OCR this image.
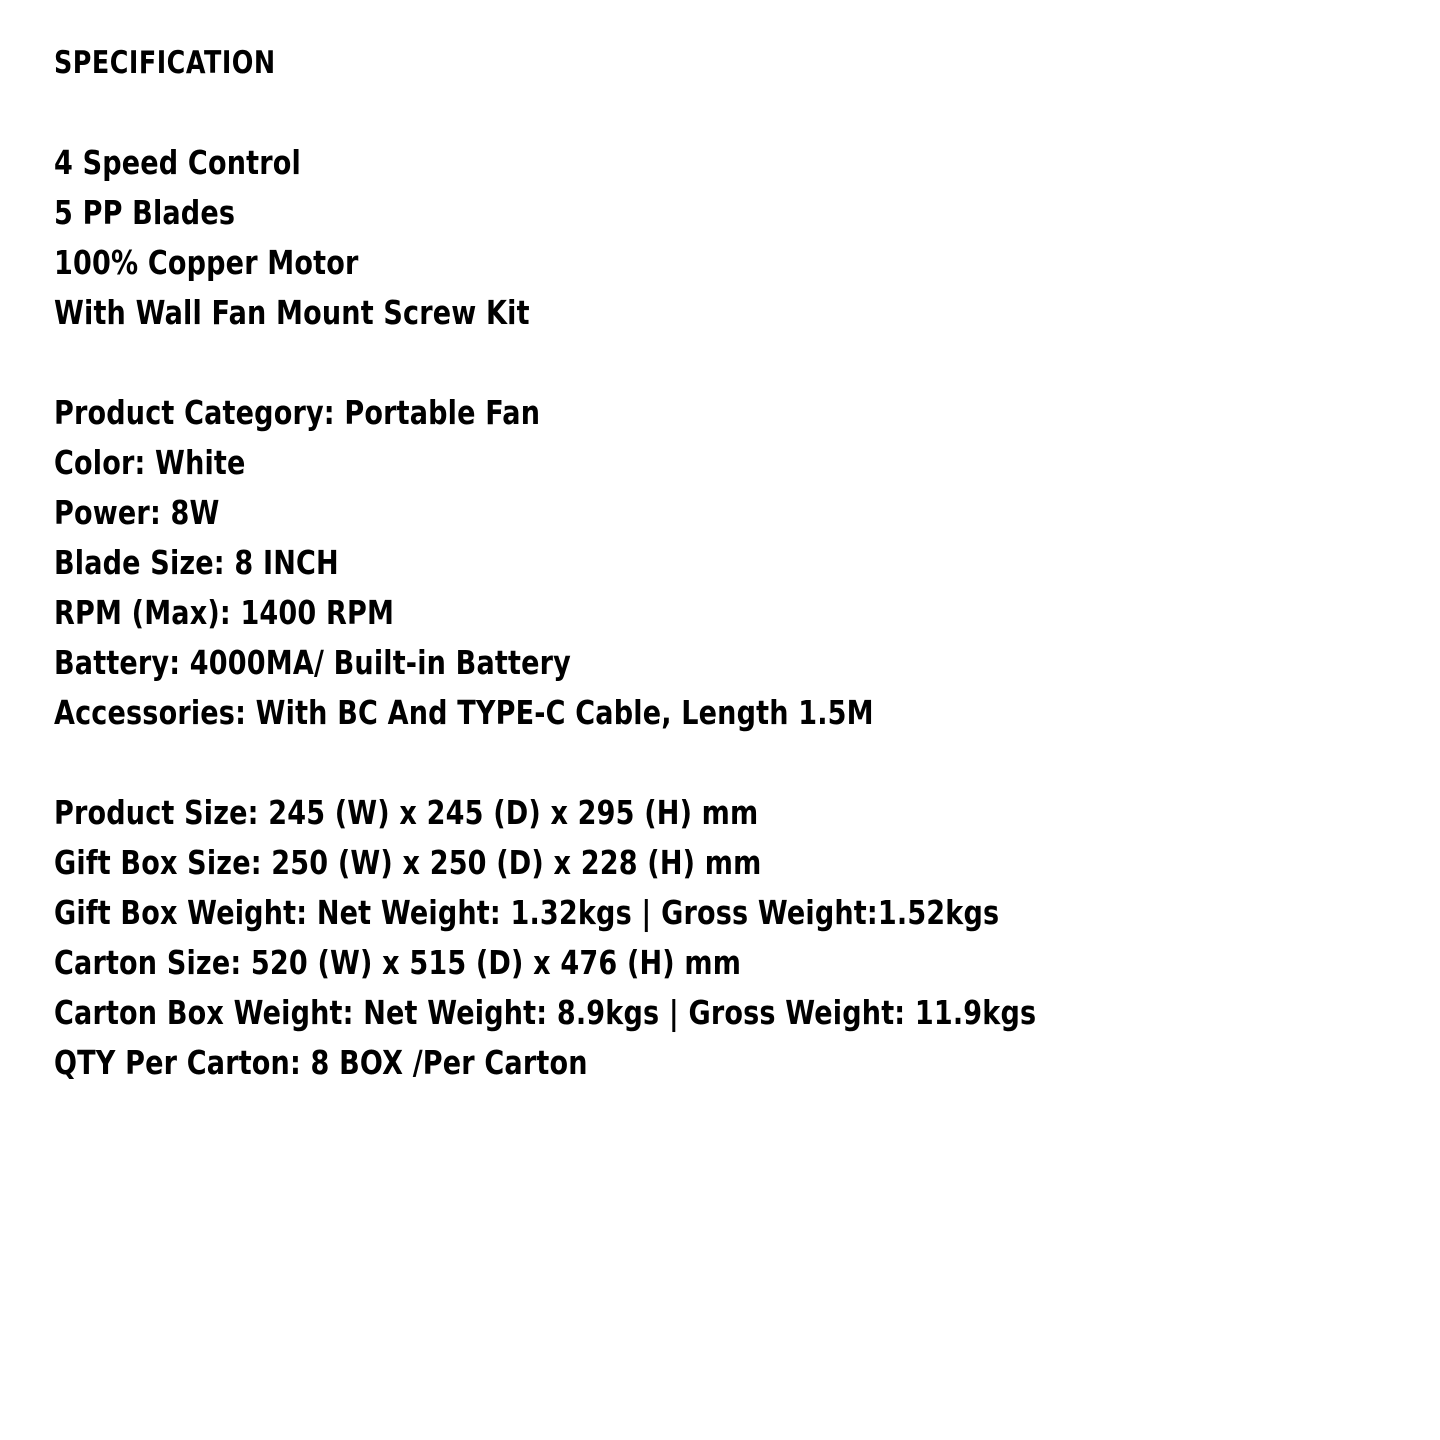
SPECIFICATION
4 Speed Control
5 PP Blades
100% Copper Motor
With Wall Fan Mount Screw Kit
Product Category: Portable Fan
Color: White
Power: 8W
Blade Size: 8 INCH
RPM (Max): 1400 RPM
Battery: 4000MA/ Built-in Battery
Accessories: With BC And TYPE-C Cable, Length 1.5M
Product Size: 245 (W) x 245 (D) x 295 (H) mm
Gift Box Size: 250 (W) x 250 (D) x 228 (H) mm
Gift Box Weight: Net Weight: 1.32kgs | Gross Weight:1.52kgs
Carton Size: 520 (W) x 515 (D) x 476 (H) mm
Carton Box Weight: Net Weight: 8.9kgs | Gross Weight: 11.9kgs
QTY Per Carton: 8 BOX /Per Carton
